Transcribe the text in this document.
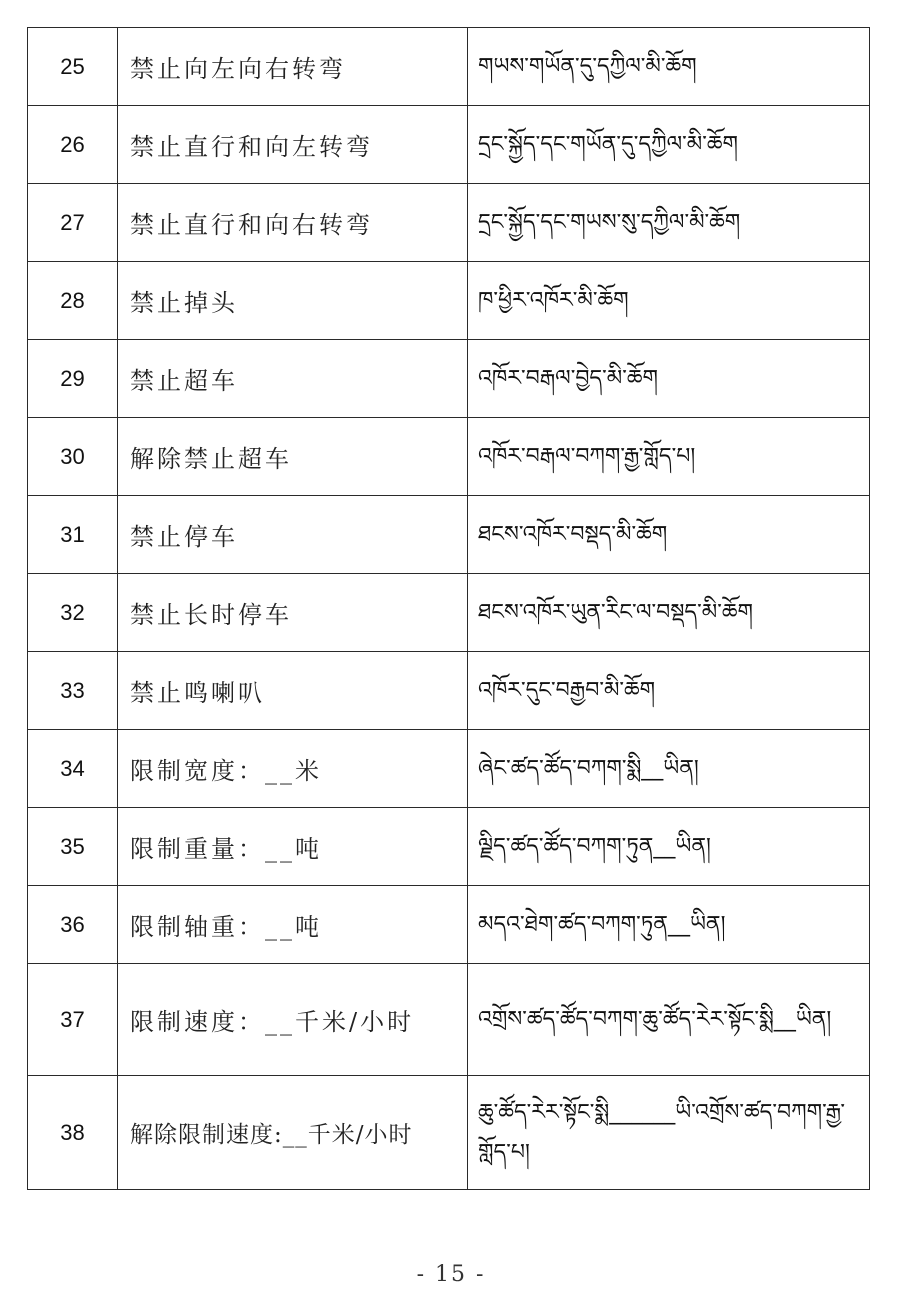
25	禁止向左向右转弯	གཡས་གཡོན་དུ་དཀྱིལ་མི་ཆོག
26	禁止直行和向左转弯	དྲང་སྐྱོད་དང་གཡོན་དུ་དཀྱིལ་མི་ཆོག
27	禁止直行和向右转弯	དྲང་སྐྱོད་དང་གཡས་སུ་དཀྱིལ་མི་ཆོག
28	禁止掉头	ཁ་ཕྱིར་འཁོར་མི་ཆོག
29	禁止超车	འཁོར་བརྒལ་བྱེད་མི་ཆོག
30	解除禁止超车	འཁོར་བརྒལ་བཀག་རྒྱ་གློད་པ།
31	禁止停车	ཐངས་འཁོར་བསྡད་མི་ཆོག
32	禁止长时停车	ཐངས་འཁོར་ཡུན་རིང་ལ་བསྡད་མི་ཆོག
33	禁止鸣喇叭	འཁོར་དུང་བརྒྱབ་མི་ཆོག
34	限制宽度：__米	ཞེང་ཚད་ཚོད་བཀག་སྨི__ཡིན།
35	限制重量：__吨	ལྗིད་ཚད་ཚོད་བཀག་ཏུན__ཡིན།
36	限制轴重：__吨	མདའ་ཐེག་ཚད་བཀག་ཏུན__ཡིན།
37	限制速度：__千米/小时	འགྲོས་ཚད་ཚོད་བཀག་ཆུ་ཚོད་རེར་སྟོང་སྨི__ཡིན།
38	解除限制速度:__千米/小时	ཆུ་ཚོད་རེར་སྟོང་སྨི______ཡི་འགྲོས་ཚད་བཀག་རྒྱ་གློད་པ།
- 15 -
